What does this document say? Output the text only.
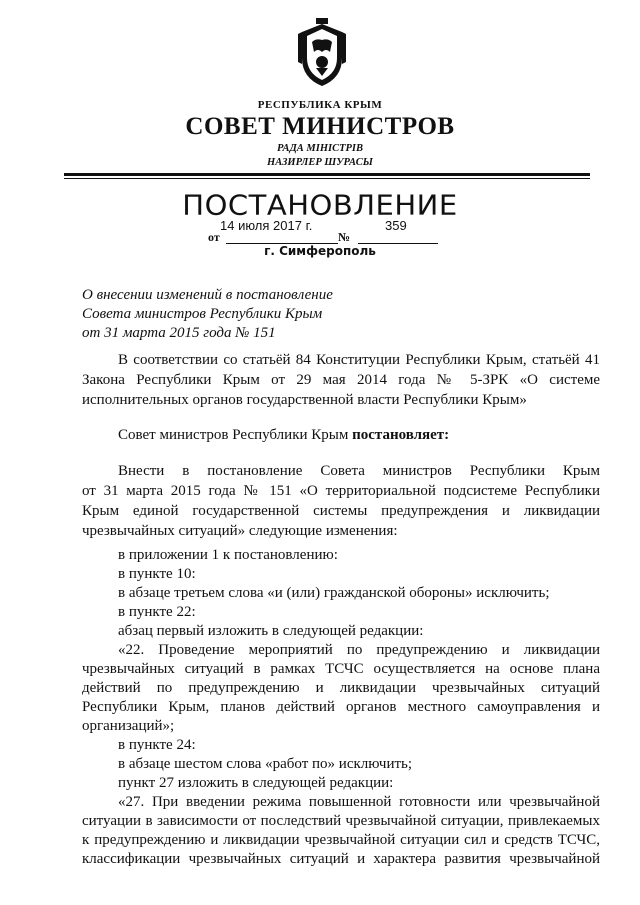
РЕСПУБЛИКА КРЫМ
СОВЕТ МИНИСТРОВ
РАДА МІНІСТРІВ
НАЗИРЛЕР ШУРАСЫ
ПОСТАНОВЛЕНИЕ
14 июля 2017 г.	359
от	№
г. Симферополь
О внесении изменений в постановление
Совета министров Республики Крым
от 31 марта 2015 года № 151
В соответствии со статьёй 84 Конституции Республики Крым, статьёй 41
Закона Республики Крым от 29 мая 2014 года № 5-ЗРК «О системе
исполнительных органов государственной власти Республики Крым»
Совет министров Республики Крым постановляет:
Внести в постановление Совета министров Республики Крым
от 31 марта 2015 года № 151 «О территориальной подсистеме Республики
Крым единой государственной системы предупреждения и ликвидации
чрезвычайных ситуаций» следующие изменения:
в приложении 1 к постановлению:
в пункте 10:
в абзаце третьем слова «и (или) гражданской обороны» исключить;
в пункте 22:
абзац первый изложить в следующей редакции:
«22. Проведение мероприятий по предупреждению и ликвидации
чрезвычайных ситуаций в рамках ТСЧС осуществляется на основе плана
действий по предупреждению и ликвидации чрезвычайных ситуаций
Республики Крым, планов действий органов местного самоуправления и
организаций»;
в пункте 24:
в абзаце шестом слова «работ по» исключить;
пункт 27 изложить в следующей редакции:
«27. При введении режима повышенной готовности или чрезвычайной
ситуации в зависимости от последствий чрезвычайной ситуации, привлекаемых
к предупреждению и ликвидации чрезвычайной ситуации сил и средств ТСЧС,
классификации чрезвычайных ситуаций и характера развития чрезвычайной
